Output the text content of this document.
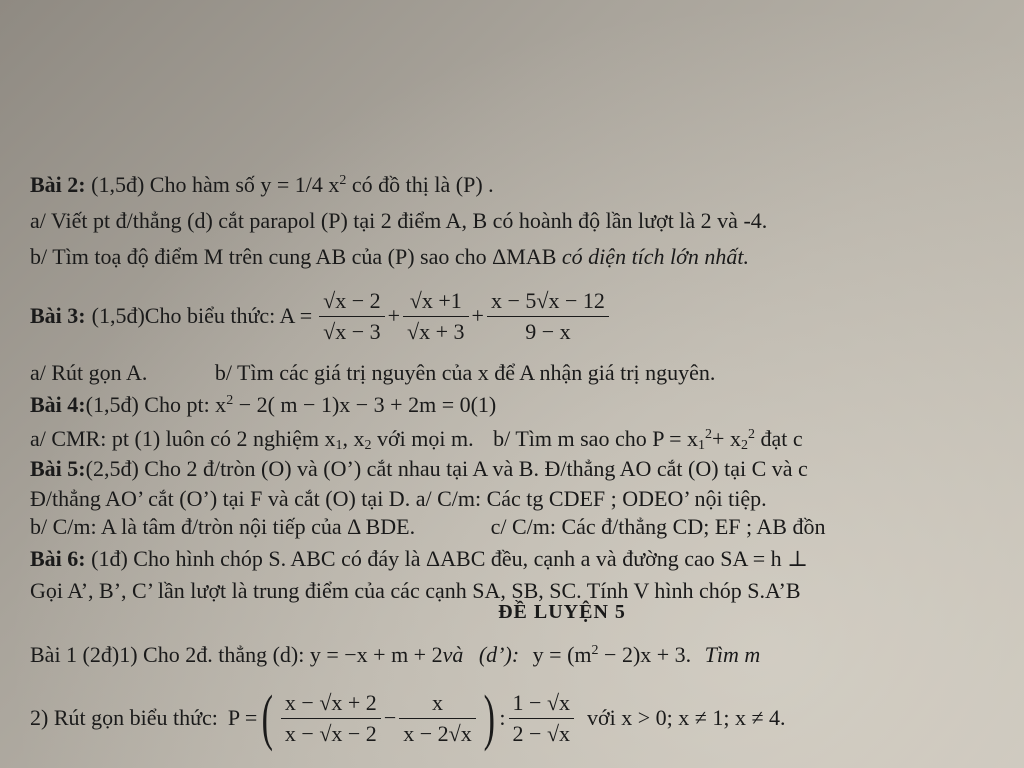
Bài 2: (1,5đ) Cho hàm số y = 1/4 $x^2$ có đồ thị là (P) .
a/ Viết pt đ/thẳng (d) cắt parapol (P) tại 2 điểm A, B có hoành độ lần lượt là 2 và -4.
b/ Tìm toạ độ điểm M trên cung AB của (P) sao cho ΔMAB có diện tích lớn nhất.
Bài 3: (1,5đ)Cho biểu thức: $A = \frac{√x - 2}{√x - 3} + \frac{√x +1}{√x + 3} + \frac{x - 5√x - 12}{9 - x}$
a/ Rút gọn A.	b/ Tìm các giá trị nguyên của x để A nhận giá trị nguyên.
Bài 4:(1,5đ) Cho pt: $x^2 - 2$( m − 1)x − 3 + 2m = 0(1)
a/ CMR: pt (1) luôn có 2 nghiệm $x_1$, $x_2$ với mọi m. b/ Tìm m sao cho $P = x_1^2+ x_2^2$ đạt c
Bài 5:(2,5đ) Cho 2 đ/tròn (O) và (O’) cắt nhau tại A và B. Đ/thẳng AO cắt (O) tại C và c
Đ/thẳng AO’ cắt (O’) tại F và cắt (O) tại D. a/ C/m: Các tg CDEF ; ODEO’ nội tiệp.
b/ C/m: A là tâm đ/tròn nội tiếp của Δ BDE.	c/ C/m: Các đ/thẳng CD; EF ; AB đồn
Bài 6: (1đ) Cho hình chóp S. ABC có đáy là ΔABC đều, cạnh a và đường cao SA = h ⊥
Gọi A’, B’, C’ lần lượt là trung điểm của các cạnh SA, SB, SC. Tính V hình chóp S.A’B
ĐỀ LUYỆN 5
Bài 1 (2đ)1) Cho 2đ. thẳng (d): y = −x + m + 2và (d’): $y = (m^2 - 2)x + 3$. Tìm m
2) Rút gọn biểu thức: P = ( $\frac{x - √x + 2}{x - √x - 2} - \frac{x}{x - 2√x}$ ) : $\frac{1 - √x}{2 - √x}$ với x > 0; x ≠ 1; x ≠ 4.
